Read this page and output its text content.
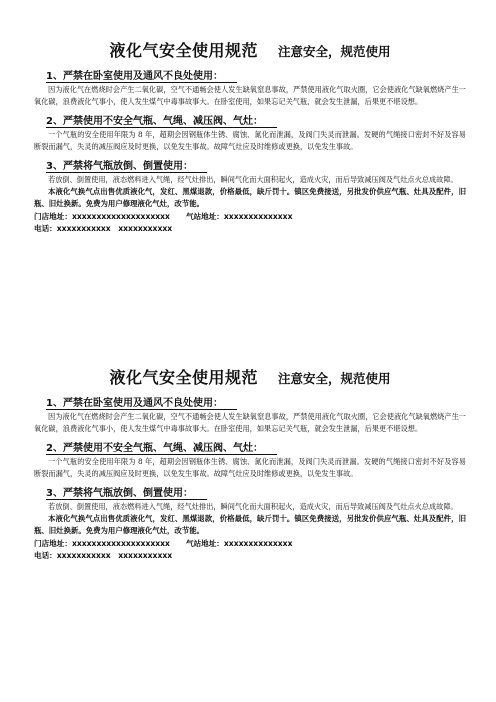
液化气安全使用规范 注意安全，规范使用
1、严禁在卧室使用及通风不良处使用：

因为液化气在燃烧时会产生二氧化碳，空气不通畅会使人发生缺氧窒息事故，严禁使用液化气取火圈，它会使液化气缺氧燃烧产生一氧化碳，浪费液化气事小，使人发生煤气中毒事故事大。在卧室使用，如果忘记关气瓶，就会发生泄漏，后果更不堪设想。

2、严禁使用不安全气瓶、气绳、减压阀、气灶：

一个气瓶的安全使用年限为 8 年，超期会因钢瓶体生锈、腐蚀、氮化而泄漏，及阀门失灵而泄漏。发硬的气绳接口密封不好及容易断裂而漏气，失灵的减压阀应及时更换，以免发生事故。故障气灶应及时维修或更换，以免发生事故。

3、严禁将气瓶放倒、倒置使用：

若放倒、倒置使用，液态燃料进入气绳，经气灶排出，瞬间气化而大面积起火，造成火灾，而后导致减压阀及气灶点火总成故障。

本液化气换气点出售优质液化气，发红、黑煤退款，价格最低，缺斤罚十。镇区免费接送，另批发价供应气瓶、灶具及配件，旧瓶、旧灶换新。免费为用户修理液化气灶，改节能。

门店地址：xxxxxxxxxxxxxxxxxxxx 气站地址：xxxxxxxxxxxxxx
电话：xxxxxxxxxxx　xxxxxxxxxxx
液化气安全使用规范 注意安全，规范使用
1、严禁在卧室使用及通风不良处使用：

因为液化气在燃烧时会产生二氧化碳，空气不通畅会使人发生缺氧窒息事故，严禁使用液化气取火圈，它会使液化气缺氧燃烧产生一氧化碳，浪费液化气事小，使人发生煤气中毒事故事大。在卧室使用，如果忘记关气瓶，就会发生泄漏，后果更不堪设想。

2、严禁使用不安全气瓶、气绳、减压阀、气灶：

一个气瓶的安全使用年限为 8 年，超期会因钢瓶体生锈、腐蚀、氮化而泄漏，及阀门失灵而泄漏。发硬的气绳接口密封不好及容易断裂而漏气，失灵的减压阀应及时更换，以免发生事故。故障气灶应及时维修或更换，以免发生事故。

3、严禁将气瓶放倒、倒置使用：

若放倒、倒置使用，液态燃料进入气绳，经气灶排出，瞬间气化而大面积起火，造成火灾，而后导致减压阀及气灶点火总成故障。

本液化气换气点出售优质液化气，发红、黑煤退款，价格最低，缺斤罚十。镇区免费接送，另批发价供应气瓶、灶具及配件，旧瓶、旧灶换新。免费为用户修理液化气灶，改节能。

门店地址：xxxxxxxxxxxxxxxxxxxx 气站地址：xxxxxxxxxxxxxx
电话：xxxxxxxxxxx　xxxxxxxxxxx
